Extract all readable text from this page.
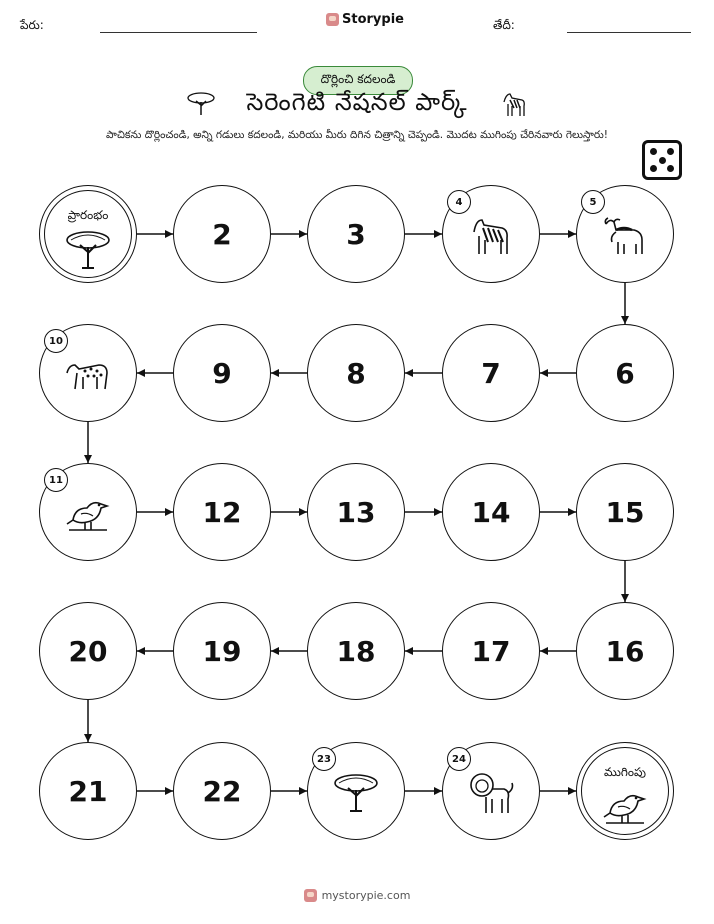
పేరు:	Storypie	తేదీ:
దొర్లించి కదలండి
సెరెంగెటి నేషనల్ పార్క్
పాచికను దొర్లించండి, అన్ని గడులు కదలండి, మరియు మీరు దిగిన చిత్రాన్ని చెప్పండి. మొదట ముగింపు చేరినవారు గెలుస్తారు!
ప్రారంభం
2	3
4	5
6
7
8
9
10
11
12	13	14	15
16
17
18
19
20
21	22
23	24
ముగింపు
mystorypie.com
